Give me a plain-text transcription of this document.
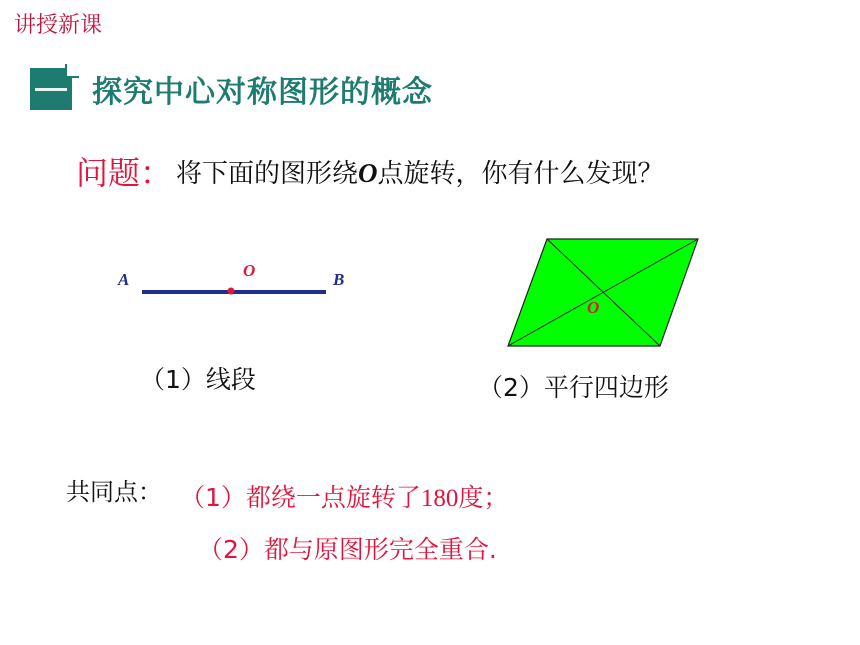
讲授新课
探究中心对称图形的概念
问题： 将下面的图形绕O点旋转，你有什么发现？
A	O	B
O
（1）线段	（2）平行四边形
共同点： （1）都绕一点旋转了180度；
（2）都与原图形完全重合.
